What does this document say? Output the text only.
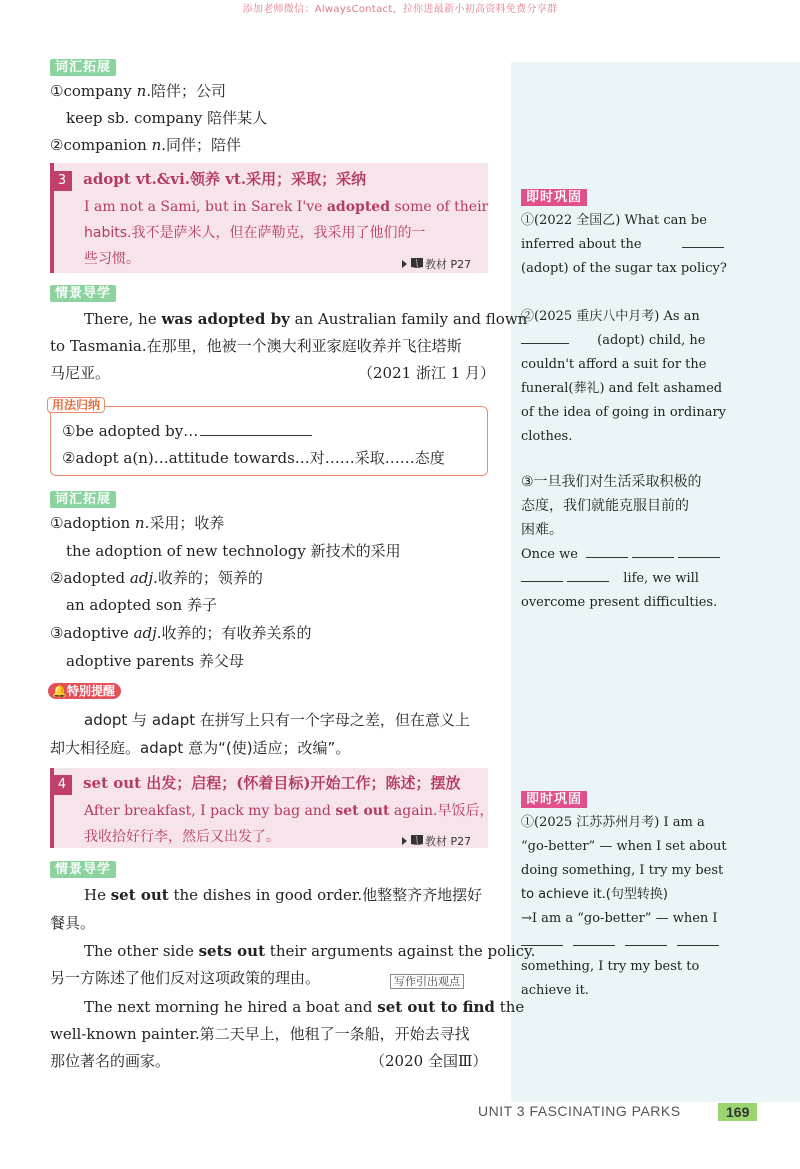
添加老师微信：AlwaysContact，拉你进最新小初高资料免费分享群
词汇拓展
①company n.陪伴；公司
keep sb. company 陪伴某人
②companion n.同伴；陪伴
3 adopt vt.&vi.领养 vt.采用；采取；采纳
I am not a Sami, but in Sarek I've adopted some of their
habits.我不是萨米人，但在萨勒克，我采用了他们的一
些习惯。	教材 P27
情景导学
There, he was adopted by an Australian family and flown
to Tasmania.在那里，他被一个澳大利亚家庭收养并飞往塔斯
马尼亚。	（2021 浙江 1 月）
用法归纳
①be adopted by…
②adopt a(n)…attitude towards…对……采取……态度
词汇拓展
①adoption n.采用；收养
the adoption of new technology 新技术的采用
②adopted adj.收养的；领养的
an adopted son 养子
③adoptive adj.收养的；有收养关系的
adoptive parents 养父母
🔔特别提醒
adopt 与 adapt 在拼写上只有一个字母之差，但在意义上
却大相径庭。adapt 意为“(使)适应；改编”。
4 set out 出发；启程；(怀着目标)开始工作；陈述；摆放
After breakfast, I pack my bag and set out again.早饭后，
我收拾好行李，然后又出发了。	教材 P27
情景导学
He set out the dishes in good order.他整整齐齐地摆好
餐具。
The other side sets out their arguments against the policy.
另一方陈述了他们反对这项政策的理由。	写作引出观点
The next morning he hired a boat and set out to find the
well-known painter.第二天早上，他租了一条船，开始去寻找
那位著名的画家。	（2020 全国Ⅲ）
即时巩固
①(2022 全国乙) What can be
inferred about the
(adopt) of the sugar tax policy?
②(2025 重庆八中月考) As an
(adopt) child, he
couldn't afford a suit for the
funeral(葬礼) and felt ashamed
of the idea of going in ordinary
clothes.
③一旦我们对生活采取积极的
态度，我们就能克服目前的
困难。
Once we
life, we will
overcome present difficulties.
即时巩固
①(2025 江苏苏州月考) I am a
“go-better” — when I set about
doing something, I try my best
to achieve it.(句型转换)
→I am a “go-better” — when I

something, I try my best to
achieve it.
UNIT 3 FASCINATING PARKS	169
